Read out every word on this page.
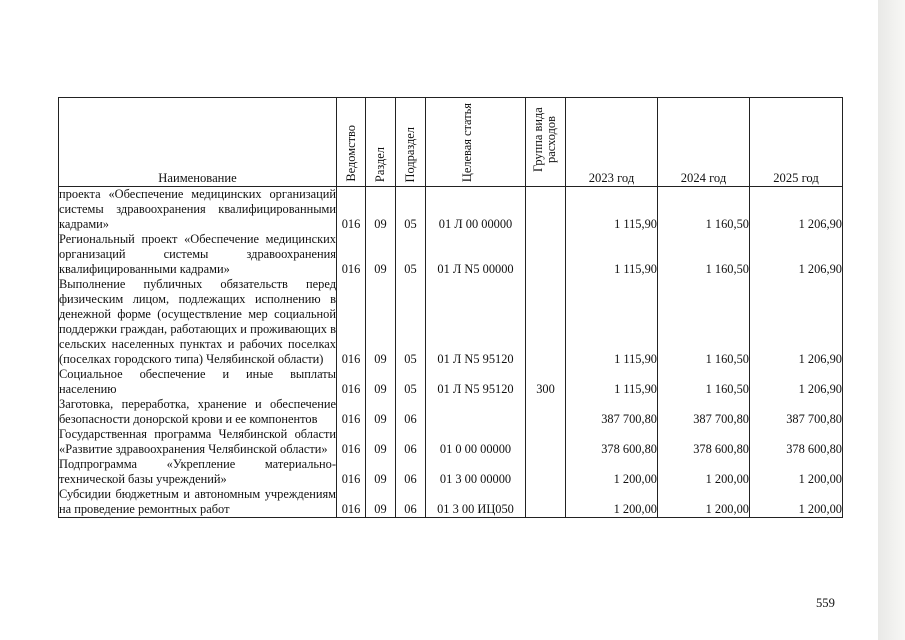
Наименование	Ведомство	Раздел	Подраздел	Целевая статья	Группа вида расходов	2023 год	2024 год	2025 год
проекта «Обеспечение медицинских организаций системы здравоохранения квалифицированными кадрами»	016	09	05	01 Л 00 00000		1 115,90	1 160,50	1 206,90
Региональный проект «Обеспечение медицинских организаций системы здравоохранения квалифицированными кадрами»	016	09	05	01 Л N5 00000		1 115,90	1 160,50	1 206,90
Выполнение публичных обязательств перед физическим лицом, подлежащих исполнению в денежной форме (осуществление мер социальной поддержки граждан, работающих и проживающих в сельских населенных пунктах и рабочих поселках (поселках городского типа) Челябинской области)	016	09	05	01 Л N5 95120		1 115,90	1 160,50	1 206,90
Социальное обеспечение и иные выплаты населению	016	09	05	01 Л N5 95120	300	1 115,90	1 160,50	1 206,90
Заготовка, переработка, хранение и обеспечение безопасности донорской крови и ее компонентов	016	09	06			387 700,80	387 700,80	387 700,80
Государственная программа Челябинской области «Развитие здравоохранения Челябинской области»	016	09	06	01 0 00 00000		378 600,80	378 600,80	378 600,80
Подпрограмма «Укрепление материально-технической базы учреждений»	016	09	06	01 3 00 00000		1 200,00	1 200,00	1 200,00
Субсидии бюджетным и автономным учреждениям на проведение ремонтных работ	016	09	06	01 3 00 ИЦ050		1 200,00	1 200,00	1 200,00
559
